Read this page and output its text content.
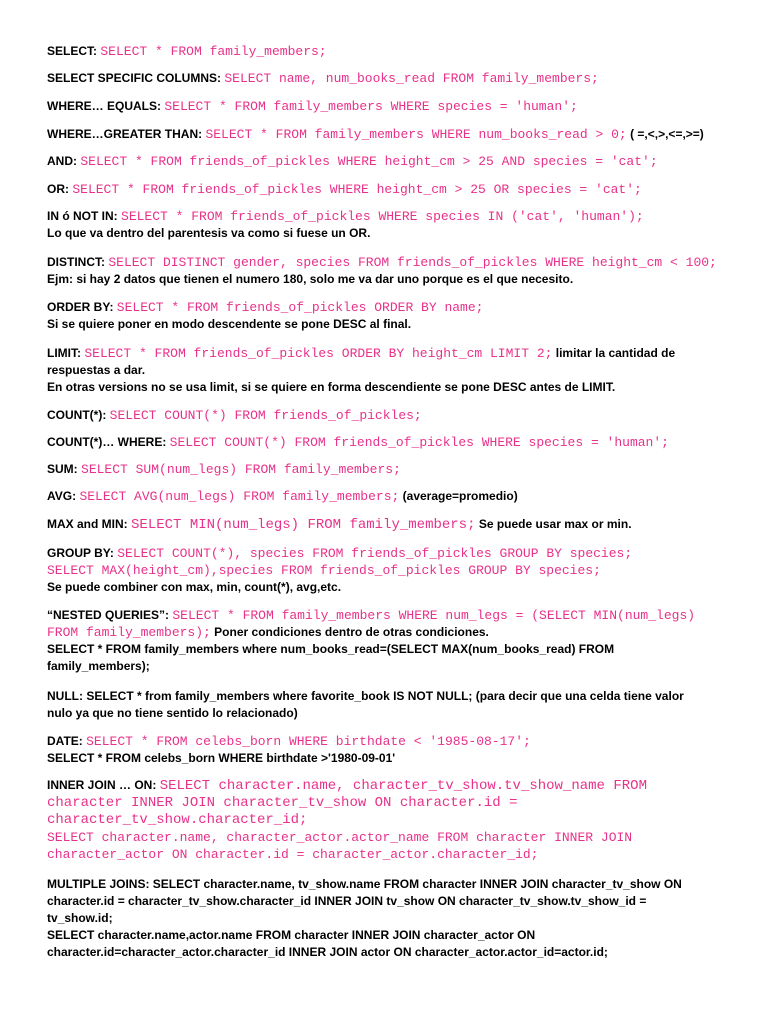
SELECT: SELECT * FROM family_members;
SELECT SPECIFIC COLUMNS: SELECT name, num_books_read FROM family_members;
WHERE… EQUALS: SELECT * FROM family_members WHERE species = 'human';
WHERE…GREATER THAN: SELECT * FROM family_members WHERE num_books_read > 0; ( =,<,>,<=,>=)
AND: SELECT * FROM friends_of_pickles WHERE height_cm > 25 AND species = 'cat';
OR: SELECT * FROM friends_of_pickles WHERE height_cm > 25 OR species = 'cat';
IN ó NOT IN: SELECT * FROM friends_of_pickles WHERE species IN ('cat', 'human');
Lo que va dentro del parentesis va como si fuese un OR.
DISTINCT: SELECT DISTINCT gender, species FROM friends_of_pickles WHERE height_cm < 100;
Ejm: si hay 2 datos que tienen el numero 180, solo me va dar uno porque es el que necesito.
ORDER BY: SELECT * FROM friends_of_pickles ORDER BY name;
Si se quiere poner en modo descendente se pone DESC al final.
LIMIT: SELECT * FROM friends_of_pickles ORDER BY height_cm LIMIT 2; limitar la cantidad de
respuestas a dar.
En otras versions no se usa limit, si se quiere en forma descendiente se pone DESC antes de LIMIT.
COUNT(*): SELECT COUNT(*) FROM friends_of_pickles;
COUNT(*)… WHERE: SELECT COUNT(*) FROM friends_of_pickles WHERE species = 'human';
SUM: SELECT SUM(num_legs) FROM family_members;
AVG: SELECT AVG(num_legs) FROM family_members; (average=promedio)
MAX and MIN: SELECT MIN(num_legs) FROM family_members; Se puede usar max or min.
GROUP BY: SELECT COUNT(*), species FROM friends_of_pickles GROUP BY species;
SELECT MAX(height_cm),species FROM friends_of_pickles GROUP BY species;
Se puede combiner con max, min, count(*), avg,etc.
“NESTED QUERIES”: SELECT * FROM family_members WHERE num_legs = (SELECT MIN(num_legs)
FROM family_members); Poner condiciones dentro de otras condiciones.
SELECT * FROM family_members where num_books_read=(SELECT MAX(num_books_read) FROM
family_members);
NULL: SELECT * from family_members where favorite_book IS NOT NULL; (para decir que una celda tiene valor
nulo ya que no tiene sentido lo relacionado)
DATE: SELECT * FROM celebs_born WHERE birthdate < '1985-08-17';
SELECT * FROM celebs_born WHERE birthdate >'1980-09-01'
INNER JOIN … ON: SELECT character.name, character_tv_show.tv_show_name FROM
character INNER JOIN character_tv_show ON character.id =
character_tv_show.character_id;
SELECT character.name, character_actor.actor_name FROM character INNER JOIN
character_actor ON character.id = character_actor.character_id;
MULTIPLE JOINS: SELECT character.name, tv_show.name FROM character INNER JOIN character_tv_show ON
character.id = character_tv_show.character_id INNER JOIN tv_show ON character_tv_show.tv_show_id =
tv_show.id;
SELECT character.name,actor.name FROM character INNER JOIN character_actor ON
character.id=character_actor.character_id INNER JOIN actor ON character_actor.actor_id=actor.id;
